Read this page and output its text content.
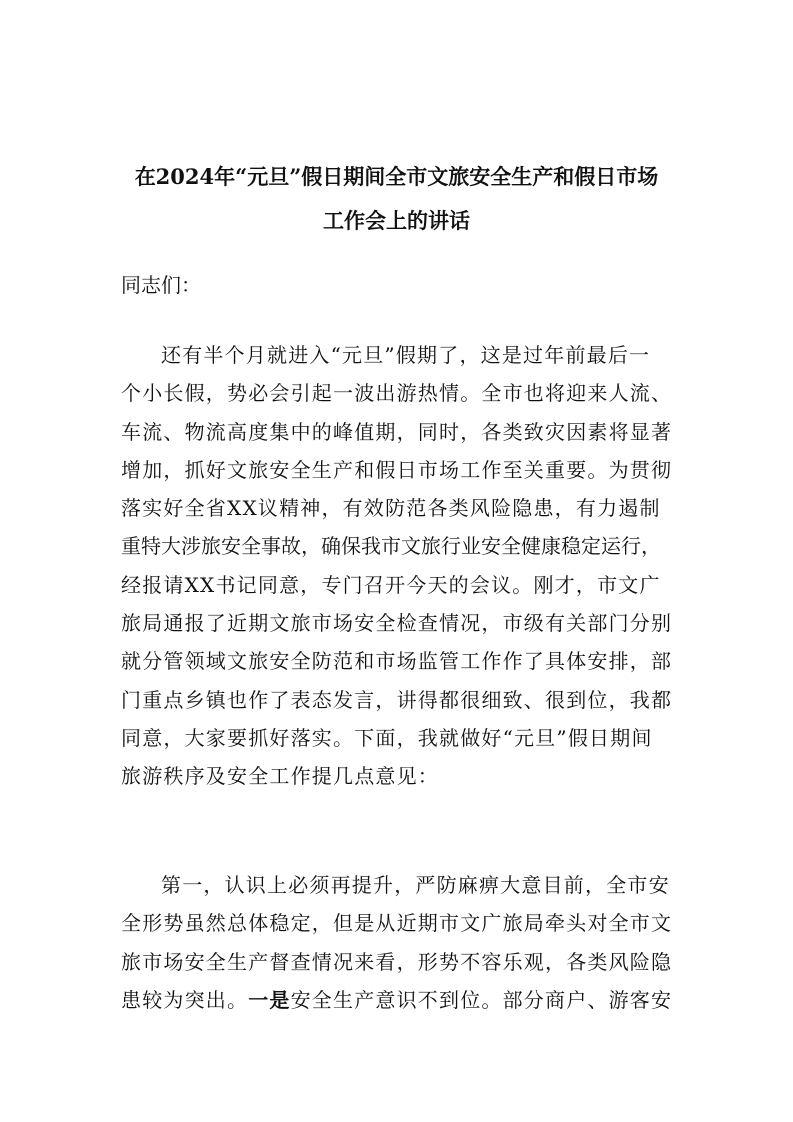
在2024年“元旦”假日期间全市文旅安全生产和假日市场
工作会上的讲话

同志们：

还有半个月就进入“元旦”假期了，这是过年前最后一
个小长假，势必会引起一波出游热情。全市也将迎来人流、
车流、物流高度集中的峰值期，同时，各类致灾因素将显著
增加，抓好文旅安全生产和假日市场工作至关重要。为贯彻
落实好全省XX议精神，有效防范各类风险隐患，有力遏制
重特大涉旅安全事故，确保我市文旅行业安全健康稳定运行，
经报请XX书记同意，专门召开今天的会议。刚才，市文广
旅局通报了近期文旅市场安全检查情况，市级有关部门分别
就分管领域文旅安全防范和市场监管工作作了具体安排，部
门重点乡镇也作了表态发言，讲得都很细致、很到位，我都
同意，大家要抓好落实。下面，我就做好“元旦”假日期间
旅游秩序及安全工作提几点意见：
第一，认识上必须再提升，严防麻痹大意目前，全市安
全形势虽然总体稳定，但是从近期市文广旅局牵头对全市文
旅市场安全生产督查情况来看，形势不容乐观，各类风险隐
患较为突出。一是安全生产意识不到位。部分商户、游客安
